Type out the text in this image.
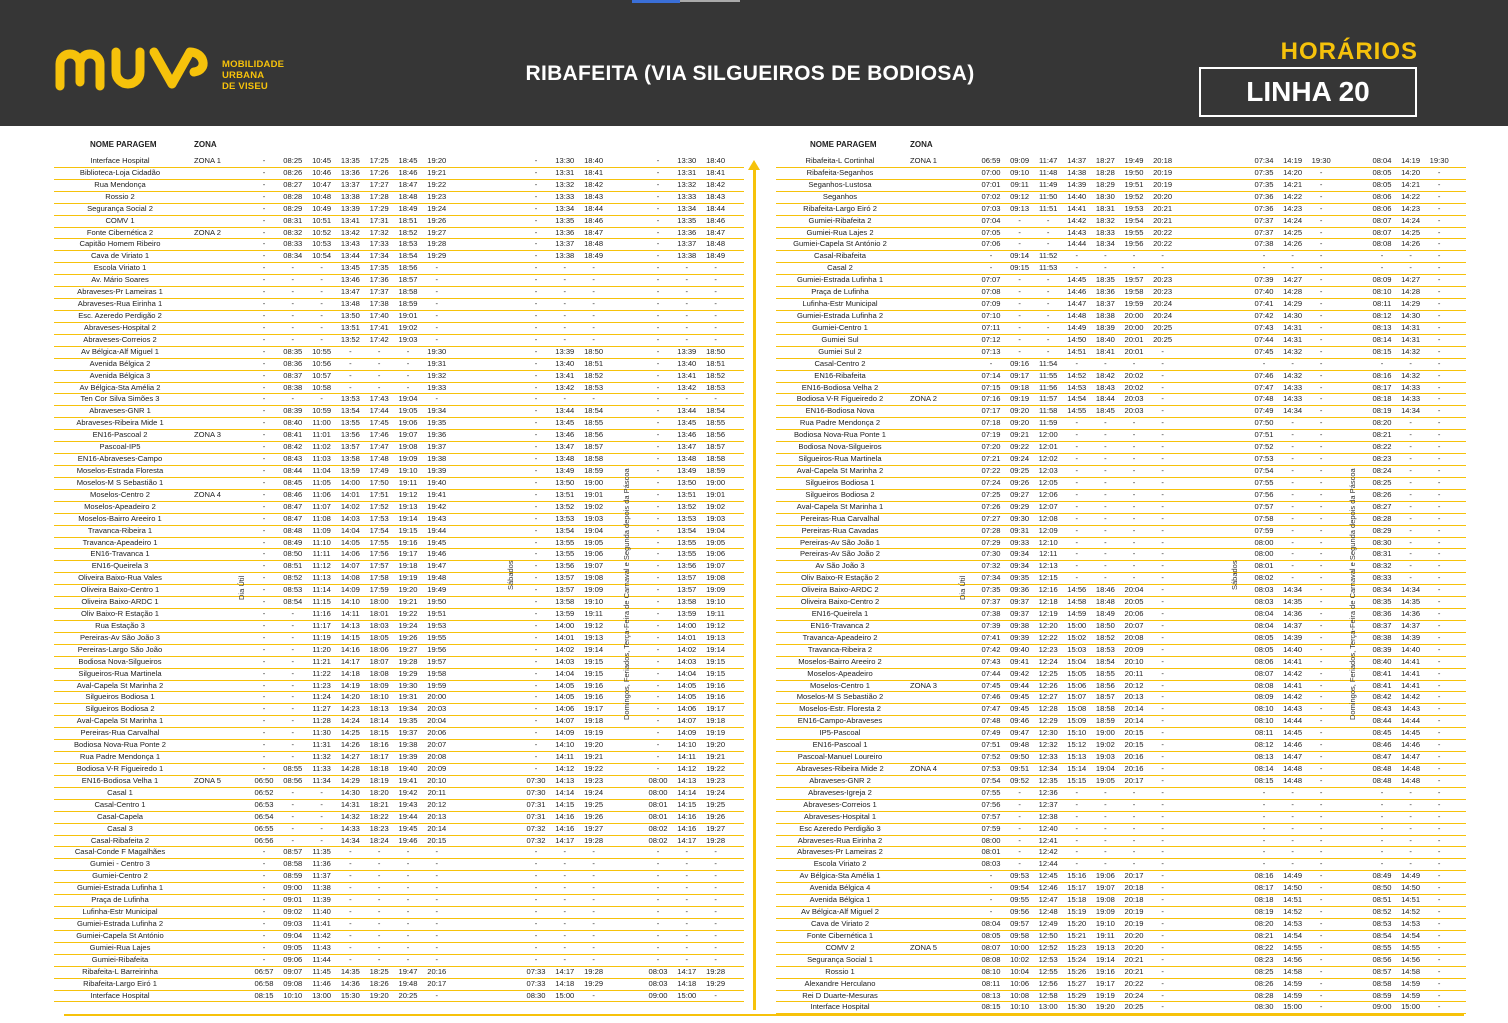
MOBILIDADE
URBANA
DE VISEU
RIBAFEITA (VIA SILGUEIROS DE BODIOSA)
HORÁRIOS
LINHA 20
NOME PARAGEM	ZONA
Interface Hospital	ZONA 1	-	08:25	10:45	13:35	17:25	18:45	19:20	-	13:30	18:40	-	13:30	18:40
Biblioteca-Loja Cidadão	-	08:26	10:46	13:36	17:26	18:46	19:21	-	13:31	18:41	-	13:31	18:41
Rua Mendonça	-	08:27	10:47	13:37	17:27	18:47	19:22	-	13:32	18:42	-	13:32	18:42
Rossio 2	-	08:28	10:48	13:38	17:28	18:48	19:23	-	13:33	18:43	-	13:33	18:43
Segurança Social 2	-	08:29	10:49	13:39	17:29	18:49	19:24	-	13:34	18:44	-	13:34	18:44
COMV 1	-	08:31	10:51	13:41	17:31	18:51	19:26	-	13:35	18:46	-	13:35	18:46
Fonte Cibernética 2	ZONA 2	-	08:32	10:52	13:42	17:32	18:52	19:27	-	13:36	18:47	-	13:36	18:47
Capitão Homem Ribeiro	-	08:33	10:53	13:43	17:33	18:53	19:28	-	13:37	18:48	-	13:37	18:48
Cava de Viriato 1	-	08:34	10:54	13:44	17:34	18:54	19:29	-	13:38	18:49	-	13:38	18:49
Escola Viriato 1	-	-	-	13:45	17:35	18:56	-	-	-	-	-	-	-
Av. Mário Soares	-	-	-	13:46	17:36	18:57	-	-	-	-	-	-	-
Abraveses-Pr Lameiras 1	-	-	-	13:47	17:37	18:58	-	-	-	-	-	-	-
Abraveses-Rua Eirinha 1	-	-	-	13:48	17:38	18:59	-	-	-	-	-	-	-
Esc. Azeredo Perdigão 2	-	-	-	13:50	17:40	19:01	-	-	-	-	-	-	-
Abraveses-Hospital 2	-	-	-	13:51	17:41	19:02	-	-	-	-	-	-	-
Abraveses-Correios 2	-	-	-	13:52	17:42	19:03	-	-	-	-	-	-	-
Av Bélgica-Alf Miguel 1	-	08:35	10:55	-	-	-	19:30	-	13:39	18:50	-	13:39	18:50
Avenida Bélgica 2	-	08:36	10:56	-	-	-	19:31	-	13:40	18:51	-	13:40	18:51
Avenida Bélgica 3	-	08:37	10:57	-	-	-	19:32	-	13:41	18:52	-	13:41	18:52
Av Bélgica-Sta Amélia 2	-	08:38	10:58	-	-	-	19:33	-	13:42	18:53	-	13:42	18:53
Ten Cor Silva Simões 3	-	-	-	13:53	17:43	19:04	-	-	-	-	-	-	-
Abraveses-GNR 1	-	08:39	10:59	13:54	17:44	19:05	19:34	-	13:44	18:54	-	13:44	18:54
Abraveses-Ribeira Mide 1	-	08:40	11:00	13:55	17:45	19:06	19:35	-	13:45	18:55	-	13:45	18:55
EN16-Pascoal 2	ZONA 3	-	08:41	11:01	13:56	17:46	19:07	19:36	-	13:46	18:56	-	13:46	18:56
Pascoal-IP5	-	08:42	11:02	13:57	17:47	19:08	19:37	-	13:47	18:57	-	13:47	18:57
EN16-Abraveses-Campo	-	08:43	11:03	13:58	17:48	19:09	19:38	-	13:48	18:58	-	13:48	18:58
Moselos-Estrada Floresta	-	08:44	11:04	13:59	17:49	19:10	19:39	-	13:49	18:59	-	13:49	18:59
Moselos-M S Sebastião 1	-	08:45	11:05	14:00	17:50	19:11	19:40	-	13:50	19:00	-	13:50	19:00
Moselos-Centro 2	ZONA 4	-	08:46	11:06	14:01	17:51	19:12	19:41	-	13:51	19:01	-	13:51	19:01
Moselos-Apeadeiro 2	-	08:47	11:07	14:02	17:52	19:13	19:42	-	13:52	19:02	-	13:52	19:02
Moselos-Bairro Areeiro 1	-	08:47	11:08	14:03	17:53	19:14	19:43	-	13:53	19:03	-	13:53	19:03
Travanca-Ribeira 1	-	08:48	11:09	14:04	17:54	19:15	19:44	-	13:54	19:04	-	13:54	19:04
Travanca-Apeadeiro 1	-	08:49	11:10	14:05	17:55	19:16	19:45	-	13:55	19:05	-	13:55	19:05
EN16-Travanca 1	-	08:50	11:11	14:06	17:56	19:17	19:46	-	13:55	19:06	-	13:55	19:06
EN16-Queirela 3	-	08:51	11:12	14:07	17:57	19:18	19:47	-	13:56	19:07	-	13:56	19:07
Oliveira Baixo-Rua Vales	-	08:52	11:13	14:08	17:58	19:19	19:48	-	13:57	19:08	-	13:57	19:08
Oliveira Baixo-Centro 1	-	08:53	11:14	14:09	17:59	19:20	19:49	-	13:57	19:09	-	13:57	19:09
Oliveira Baixo-ARDC 1	-	08:54	11:15	14:10	18:00	19:21	19:50	-	13:58	19:10	-	13:58	19:10
Oliv Baixo-R Estação 1	-	-	11:16	14:11	18:01	19:22	19:51	-	13:59	19:11	-	13:59	19:11
Rua Estação 3	-	-	11:17	14:13	18:03	19:24	19:53	-	14:00	19:12	-	14:00	19:12
Pereiras-Av São João 3	-	-	11:19	14:15	18:05	19:26	19:55	-	14:01	19:13	-	14:01	19:13
Pereiras-Largo São João	-	-	11:20	14:16	18:06	19:27	19:56	-	14:02	19:14	-	14:02	19:14
Bodiosa Nova-Silgueiros	-	-	11:21	14:17	18:07	19:28	19:57	-	14:03	19:15	-	14:03	19:15
Silgueiros-Rua Martinela	-	-	11:22	14:18	18:08	19:29	19:58	-	14:04	19:15	-	14:04	19:15
Aval-Capela St Marinha 2	-	-	11:23	14:19	18:09	19:30	19:59	-	14:05	19:16	-	14:05	19:16
Silgueiros Bodiosa 1	-	-	11:24	14:20	18:10	19:31	20:00	-	14:05	19:16	-	14:05	19:16
Silgueiros Bodiosa 2	-	-	11:27	14:23	18:13	19:34	20:03	-	14:06	19:17	-	14:06	19:17
Aval-Capela St Marinha 1	-	-	11:28	14:24	18:14	19:35	20:04	-	14:07	19:18	-	14:07	19:18
Pereiras-Rua Carvalhal	-	-	11:30	14:25	18:15	19:37	20:06	-	14:09	19:19	-	14:09	19:19
Bodiosa Nova-Rua Ponte 2	-	-	11:31	14:26	18:16	19:38	20:07	-	14:10	19:20	-	14:10	19:20
Rua Padre Mendonça 1	-	-	11:32	14:27	18:17	19:39	20:08	-	14:11	19:21	-	14:11	19:21
Bodiosa V-R Figueiredo 1	-	08:55	11:33	14:28	18:18	19:40	20:09	-	14:12	19:22	-	14:12	19:22
EN16-Bodiosa Velha 1	ZONA 5	06:50	08:56	11:34	14:29	18:19	19:41	20:10	07:30	14:13	19:23	08:00	14:13	19:23
Casal 1	06:52	-	-	14:30	18:20	19:42	20:11	07:30	14:14	19:24	08:00	14:14	19:24
Casal-Centro 1	06:53	-	-	14:31	18:21	19:43	20:12	07:31	14:15	19:25	08:01	14:15	19:25
Casal-Capela	06:54	-	-	14:32	18:22	19:44	20:13	07:31	14:16	19:26	08:01	14:16	19:26
Casal 3	06:55	-	-	14:33	18:23	19:45	20:14	07:32	14:16	19:27	08:02	14:16	19:27
Casal-Ribafeita 2	06:56	-	-	14:34	18:24	19:46	20:15	07:32	14:17	19:28	08:02	14:17	19:28
Casal-Conde F Magalhães	-	08:57	11:35	-	-	-	-	-	-	-	-	-	-
Gumiei - Centro 3	-	08:58	11:36	-	-	-	-	-	-	-	-	-	-
Gumiei-Centro 2	-	08:59	11:37	-	-	-	-	-	-	-	-	-	-
Gumiei-Estrada Lufinha 1	-	09:00	11:38	-	-	-	-	-	-	-	-	-	-
Praça de Lufinha	-	09:01	11:39	-	-	-	-	-	-	-	-	-	-
Lufinha-Estr Municipal	-	09:02	11:40	-	-	-	-	-	-	-	-	-	-
Gumiei-Estrada Lufinha 2	-	09:03	11:41	-	-	-	-	-	-	-	-	-	-
Gumiei-Capela St António	-	09:04	11:42	-	-	-	-	-	-	-	-	-	-
Gumiei-Rua Lajes	-	09:05	11:43	-	-	-	-	-	-	-	-	-	-
Gumiei-Ribafeita	-	09:06	11:44	-	-	-	-	-	-	-	-	-	-
Ribafeita-L Barreirinha	06:57	09:07	11:45	14:35	18:25	19:47	20:16	07:33	14:17	19:28	08:03	14:17	19:28
Ribafeita-Largo Eiró 1	06:58	09:08	11:46	14:36	18:26	19:48	20:17	07:33	14:18	19:29	08:03	14:18	19:29
Interface Hospital	08:15	10:10	13:00	15:30	19:20	20:25	-	08:30	15:00	-	09:00	15:00	-
Dia Útil	Sábados	Domingos, Feriados, Terça-Feira de Carnaval e Segunda depois da Páscoa
NOME PARAGEM	ZONA
Ribafeita-L Cortinhal	ZONA 1	06:59	09:09	11:47	14:37	18:27	19:49	20:18	07:34	14:19	19:30	08:04	14:19	19:30
Ribafeita-Seganhos	07:00	09:10	11:48	14:38	18:28	19:50	20:19	07:35	14:20	-	08:05	14:20	-
Seganhos-Lustosa	07:01	09:11	11:49	14:39	18:29	19:51	20:19	07:35	14:21	-	08:05	14:21	-
Seganhos	07:02	09:12	11:50	14:40	18:30	19:52	20:20	07:36	14:22	-	08:06	14:22	-
Ribafeita-Largo Eiró 2	07:03	09:13	11:51	14:41	18:31	19:53	20:21	07:36	14:23	-	08:06	14:23	-
Gumiei-Ribafeita 2	07:04	-	-	14:42	18:32	19:54	20:21	07:37	14:24	-	08:07	14:24	-
Gumiei-Rua Lajes 2	07:05	-	-	14:43	18:33	19:55	20:22	07:37	14:25	-	08:07	14:25	-
Gumiei-Capela St António 2	07:06	-	-	14:44	18:34	19:56	20:22	07:38	14:26	-	08:08	14:26	-
Casal-Ribafeita	-	09:14	11:52	-	-	-	-	-	-	-	-	-	-
Casal 2	-	09:15	11:53	-	-	-	-	-	-	-	-	-	-
Gumiei-Estrada Lufinha 1	07:07	-	-	14:45	18:35	19:57	20:23	07:39	14:27	-	08:09	14:27	-
Praça de Lufinha	07:08	-	-	14:46	18:36	19:58	20:23	07:40	14:28	-	08:10	14:28	-
Lufinha-Estr Municipal	07:09	-	-	14:47	18:37	19:59	20:24	07:41	14:29	-	08:11	14:29	-
Gumiei-Estrada Lufinha 2	07:10	-	-	14:48	18:38	20:00	20:24	07:42	14:30	-	08:12	14:30	-
Gumiei-Centro 1	07:11	-	-	14:49	18:39	20:00	20:25	07:43	14:31	-	08:13	14:31	-
Gumiei Sul	07:12	-	-	14:50	18:40	20:01	20:25	07:44	14:31	-	08:14	14:31	-
Gumiei Sul 2	07:13	-	-	14:51	18:41	20:01	-	07:45	14:32	-	08:15	14:32	-
Casal-Centro 2	-	09:16	11:54	-	-	-	-	-	-	-	-	-	-
EN16-Ribafeita	07:14	09:17	11:55	14:52	18:42	20:02	-	07:46	14:32	-	08:16	14:32	-
EN16-Bodiosa Velha 2	07:15	09:18	11:56	14:53	18:43	20:02	-	07:47	14:33	-	08:17	14:33	-
Bodiosa V-R Figueiredo 2	ZONA 2	07:16	09:19	11:57	14:54	18:44	20:03	-	07:48	14:33	-	08:18	14:33	-
EN16-Bodiosa Nova	07:17	09:20	11:58	14:55	18:45	20:03	-	07:49	14:34	-	08:19	14:34	-
Rua Padre Mendonça 2	07:18	09:20	11:59	-	-	-	-	07:50	-	-	08:20	-	-
Bodiosa Nova-Rua Ponte 1	07:19	09:21	12:00	-	-	-	-	07:51	-	-	08:21	-	-
Bodiosa Nova-Silgueiros	07:20	09:22	12:01	-	-	-	-	07:52	-	-	08:22	-	-
Silgueiros-Rua Martinela	07:21	09:24	12:02	-	-	-	-	07:53	-	-	08:23	-	-
Aval-Capela St Marinha 2	07:22	09:25	12:03	-	-	-	-	07:54	-	-	08:24	-	-
Silgueiros Bodiosa 1	07:24	09:26	12:05	-	-	-	-	07:55	-	-	08:25	-	-
Silgueiros Bodiosa 2	07:25	09:27	12:06	-	-	-	-	07:56	-	-	08:26	-	-
Aval-Capela St Marinha 1	07:26	09:29	12:07	-	-	-	-	07:57	-	-	08:27	-	-
Pereiras-Rua Carvalhal	07:27	09:30	12:08	-	-	-	-	07:58	-	-	08:28	-	-
Pereiras-Rua Cavadas	07:28	09:31	12:09	-	-	-	-	07:59	-	-	08:29	-	-
Pereiras-Av São João 1	07:29	09:33	12:10	-	-	-	-	08:00	-	-	08:30	-	-
Pereiras-Av São João 2	07:30	09:34	12:11	-	-	-	-	08:00	-	-	08:31	-	-
Av São João 3	07:32	09:34	12:13	-	-	-	-	08:01	-	-	08:32	-	-
Oliv Baixo-R Estação 2	07:34	09:35	12:15	-	-	-	-	08:02	-	-	08:33	-	-
Oliveira Baixo-ARDC 2	07:35	09:36	12:16	14:56	18:46	20:04	-	08:03	14:34	-	08:34	14:34	-
Oliveira Baixo-Centro 2	07:37	09:37	12:18	14:58	18:48	20:05	-	08:03	14:35	-	08:35	14:35	-
EN16-Queirela 1	07:38	09:37	12:19	14:59	18:49	20:06	-	08:04	14:36	-	08:36	14:36	-
EN16-Travanca 2	07:39	09:38	12:20	15:00	18:50	20:07	-	08:04	14:37	-	08:37	14:37	-
Travanca-Apeadeiro 2	07:41	09:39	12:22	15:02	18:52	20:08	-	08:05	14:39	-	08:38	14:39	-
Travanca-Ribeira 2	07:42	09:40	12:23	15:03	18:53	20:09	-	08:05	14:40	-	08:39	14:40	-
Moselos-Bairro Areeiro 2	07:43	09:41	12:24	15:04	18:54	20:10	-	08:06	14:41	-	08:40	14:41	-
Moselos-Apeadeiro	07:44	09:42	12:25	15:05	18:55	20:11	-	08:07	14:42	-	08:41	14:41	-
Moselos-Centro 1	ZONA 3	07:45	09:44	12:26	15:06	18:56	20:12	-	08:08	14:41	-	08:41	14:41	-
Moselos-M S Sebastião 2	07:46	09:45	12:27	15:07	18:57	20:13	-	08:09	14:42	-	08:42	14:42	-
Moselos-Estr. Floresta 2	07:47	09:45	12:28	15:08	18:58	20:14	-	08:10	14:43	-	08:43	14:43	-
EN16-Campo-Abraveses	07:48	09:46	12:29	15:09	18:59	20:14	-	08:10	14:44	-	08:44	14:44	-
IP5-Pascoal	07:49	09:47	12:30	15:10	19:00	20:15	-	08:11	14:45	-	08:45	14:45	-
EN16-Pascoal 1	07:51	09:48	12:32	15:12	19:02	20:15	-	08:12	14:46	-	08:46	14:46	-
Pascoal-Manuel Loureiro	07:52	09:50	12:33	15:13	19:03	20:16	-	08:13	14:47	-	08:47	14:47	-
Abraveses-Ribeira Mide 2	ZONA 4	07:53	09:51	12:34	15:14	19:04	20:16	-	08:14	14:48	-	08:48	14:48	-
Abraveses-GNR 2	07:54	09:52	12:35	15:15	19:05	20:17	-	08:15	14:48	-	08:48	14:48	-
Abraveses-Igreja 2	07:55	-	12:36	-	-	-	-	-	-	-	-	-	-
Abraveses-Correios 1	07:56	-	12:37	-	-	-	-	-	-	-	-	-	-
Abraveses-Hospital 1	07:57	-	12:38	-	-	-	-	-	-	-	-	-	-
Esc Azeredo Perdigão 3	07:59	-	12:40	-	-	-	-	-	-	-	-	-	-
Abraveses-Rua Eirinha 2	08:00	-	12:41	-	-	-	-	-	-	-	-	-	-
Abraveses-Pr Lameiras 2	08:01	-	12:42	-	-	-	-	-	-	-	-	-	-
Escola Viriato 2	08:03	-	12:44	-	-	-	-	-	-	-	-	-	-
Av Bélgica-Sta Amélia 1	-	09:53	12:45	15:16	19:06	20:17	-	08:16	14:49	-	08:49	14:49	-
Avenida Bélgica 4	-	09:54	12:46	15:17	19:07	20:18	-	08:17	14:50	-	08:50	14:50	-
Avenida Bélgica 1	-	09:55	12:47	15:18	19:08	20:18	-	08:18	14:51	-	08:51	14:51	-
Av Bélgica-Alf Miguel 2	-	09:56	12:48	15:19	19:09	20:19	-	08:19	14:52	-	08:52	14:52	-
Cava de Viriato 2	08:04	09:57	12:49	15:20	19:10	20:19	-	08:20	14:53	-	08:53	14:53	-
Fonte Cibernética 1	08:05	09:58	12:50	15:21	19:11	20:20	-	08:21	14:54	-	08:54	14:54	-
COMV 2	ZONA 5	08:07	10:00	12:52	15:23	19:13	20:20	-	08:22	14:55	-	08:55	14:55	-
Segurança Social 1	08:08	10:02	12:53	15:24	19:14	20:21	-	08:23	14:56	-	08:56	14:56	-
Rossio 1	08:10	10:04	12:55	15:26	19:16	20:21	-	08:25	14:58	-	08:57	14:58	-
Alexandre Herculano	08:11	10:06	12:56	15:27	19:17	20:22	-	08:26	14:59	-	08:58	14:59	-
Rei D Duarte-Mesuras	08:13	10:08	12:58	15:29	19:19	20:24	-	08:28	14:59	-	08:59	14:59	-
Interface Hospital	08:15	10:10	13:00	15:30	19:20	20:25	-	08:30	15:00	-	09:00	15:00	-
Dia Útil	Sábados	Domingos, Feriados, Terça-Feira de Carnaval e Segunda depois da Páscoa
